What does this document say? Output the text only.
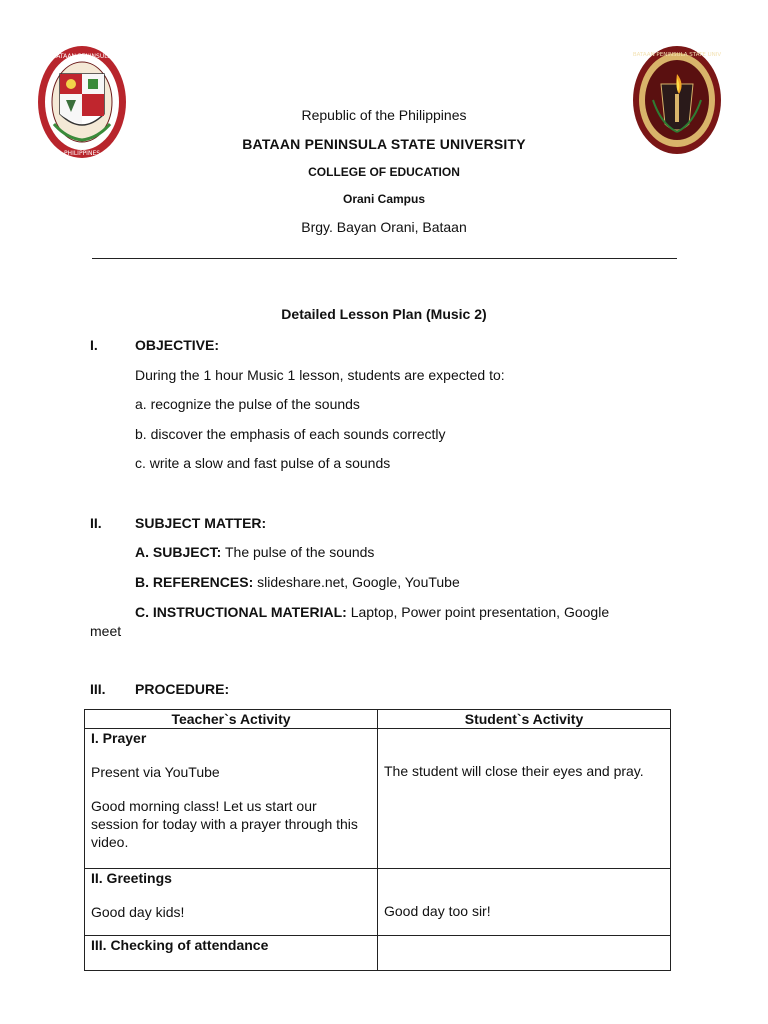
BATAAN PENINSULA
PHILIPPINES
BATAAN PENINSULA STATE UNIV
Republic of the Philippines
BATAAN PENINSULA STATE UNIVERSITY
COLLEGE OF EDUCATION
Orani Campus
Brgy. Bayan Orani, Bataan
Detailed Lesson Plan (Music 2)
I.	OBJECTIVE:
During the 1 hour Music 1 lesson, students are expected to:
a. recognize the pulse of the sounds
b. discover the emphasis of each sounds correctly
c. write a slow and fast pulse of a sounds
II. SUBJECT MATTER:
A. SUBJECT: The pulse of the sounds
B. REFERENCES: slideshare.net, Google, YouTube
C. INSTRUCTIONAL MATERIAL: Laptop, Power point presentation, Google
meet
III. PROCEDURE:
Teacher`s Activity	Student`s Activity

I. Prayer

Present via YouTube

Good morning class! Let us start our session for today with a prayer through this video.	The student will close their eyes and pray.

II. Greetings

Good day kids!	Good day too sir!

III. Checking of attendance	
